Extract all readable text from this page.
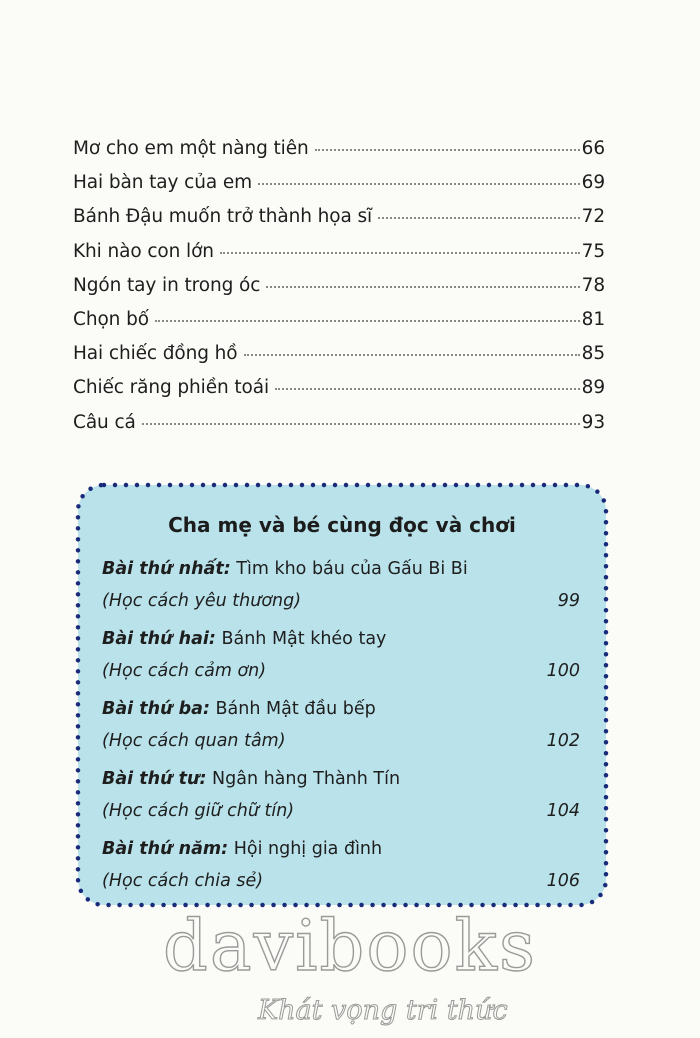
Mơ cho em một nàng tiên	66
Hai bàn tay của em	69
Bánh Đậu muốn trở thành họa sĩ	72
Khi nào con lớn	75
Ngón tay in trong óc	78
Chọn bố	81
Hai chiếc đồng hồ	85
Chiếc răng phiền toái	89
Câu cá	93
Cha mẹ và bé cùng đọc và chơi
Bài thứ nhất: Tìm kho báu của Gấu Bi Bi
(Học cách yêu thương)	99
Bài thứ hai: Bánh Mật khéo tay
(Học cách cảm ơn)	100
Bài thứ ba: Bánh Mật đầu bếp
(Học cách quan tâm)	102
Bài thứ tư: Ngân hàng Thành Tín
(Học cách giữ chữ tín)	104
Bài thứ năm: Hội nghị gia đình
(Học cách chia sẻ)	106
davibooks
Khát vọng tri thức
